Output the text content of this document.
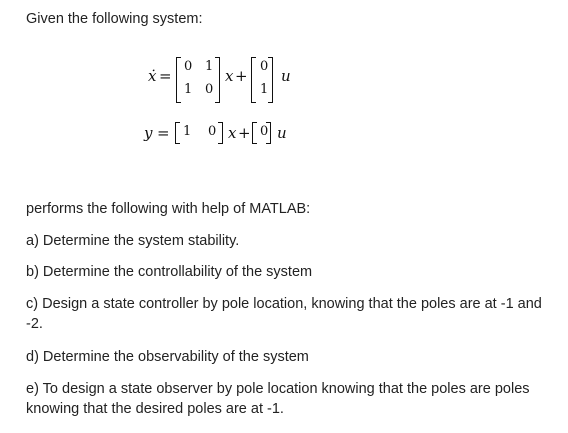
Given the following system:
ẋ =
0 1
1 0
x +
0
1
u
y = 1 0 x + 0 u
performs the following with help of MATLAB:
a) Determine the system stability.
b) Determine the controllability of the system
c) Design a state controller by pole location, knowing that the poles are at -1 and -2.
d) Determine the observability of the system
e) To design a state observer by pole location knowing that the poles are poles knowing that the desired poles are at -1.
